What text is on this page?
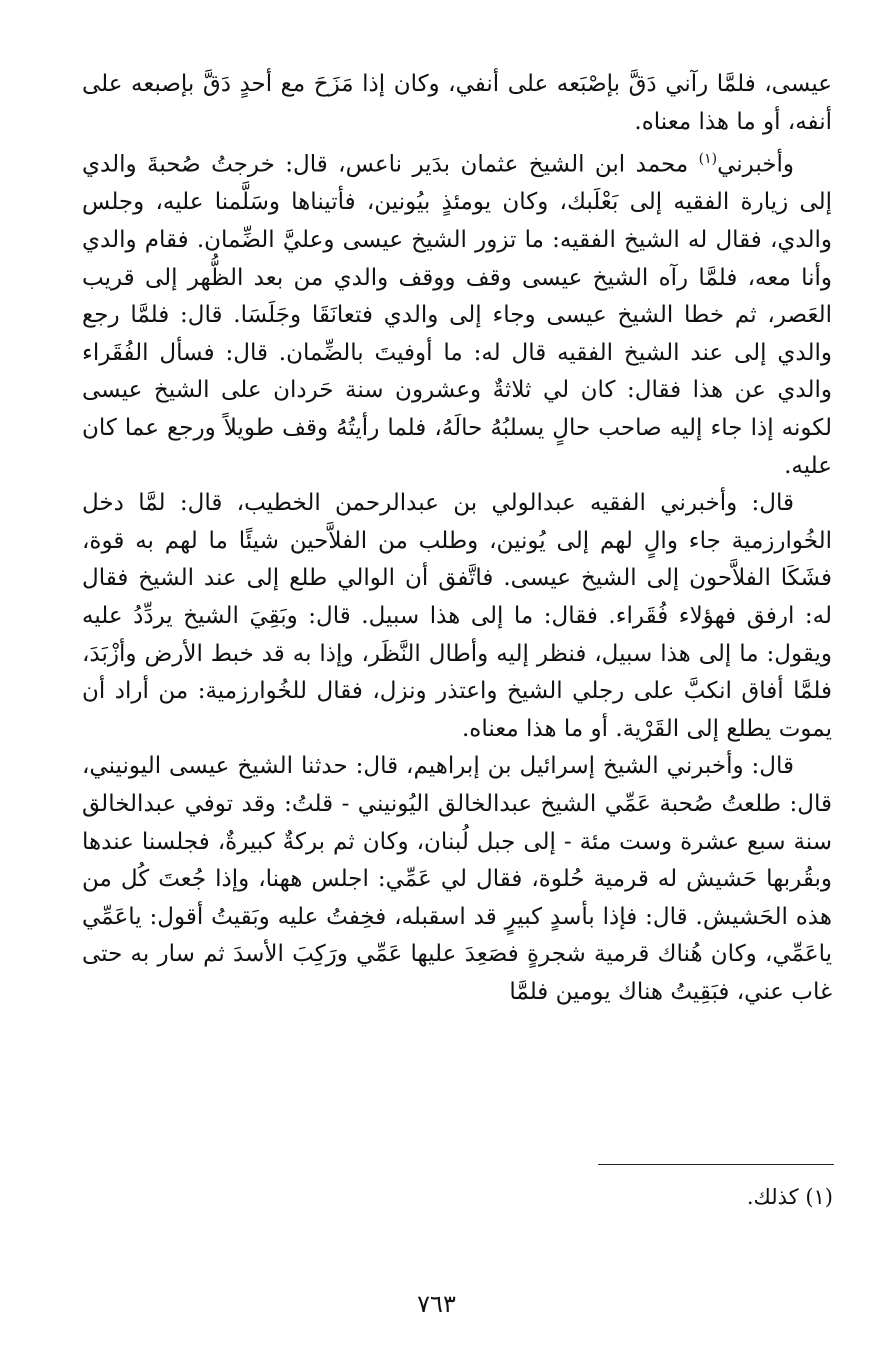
عيسى، فلمَّا رآني دَقَّ بإصْبَعه على أنفي، وكان إذا مَزَحَ مع أحدٍ دَقَّ بإصبعه على أنفه، أو ما هذا معناه.

وأخبرني$^{(١)}$ محمد ابن الشيخ عثمان بدَير ناعس، قال: خرجتُ صُحبةَ والدي إلى زيارة الفقيه إلى بَعْلَبك، وكان يومئذٍ بيُونين، فأتيناها وسَلَّمنا عليه، وجلس والدي، فقال له الشيخ الفقيه: ما تزور الشيخ عيسى وعليَّ الضِّمان. فقام والدي وأنا معه، فلمَّا رآه الشيخ عيسى وقف ووقف والدي من بعد الظُّهر إلى قريب العَصر، ثم خطا الشيخ عيسى وجاء إلى والدي فتعانَقَا وجَلَسَا. قال: فلمَّا رجع والدي إلى عند الشيخ الفقيه قال له: ما أوفيتَ بالضِّمان. قال: فسأل الفُقَراء والدي عن هذا فقال: كان لي ثلاثةٌ وعشرون سنة حَردان على الشيخ عيسى لكونه إذا جاء إليه صاحب حالٍ يسلبُهُ حالَهُ، فلما رأيتُهُ وقف طويلاً ورجع عما كان عليه.

قال: وأخبرني الفقيه عبدالولي بن عبدالرحمن الخطيب، قال: لمَّا دخل الخُوارزمية جاء والٍ لهم إلى يُونين، وطلب من الفلاَّحين شيئًا ما لهم به قوة، فشَكَا الفلاَّحون إلى الشيخ عيسى. فاتَّفق أن الوالي طلع إلى عند الشيخ فقال له: ارفق فهؤلاء فُقَراء. فقال: ما إلى هذا سبيل. قال: وبَقِيَ الشيخ يردِّدُ عليه ويقول: ما إلى هذا سبيل، فنظر إليه وأطال النَّظَر، وإذا به قد خبط الأرض وأزْبَدَ، فلمَّا أفاق انكبَّ على رجلي الشيخ واعتذر ونزل، فقال للخُوارزمية: من أراد أن يموت يطلع إلى القَرْية. أو ما هذا معناه.

قال: وأخبرني الشيخ إسرائيل بن إبراهيم، قال: حدثنا الشيخ عيسى اليونيني، قال: طلعتُ صُحبة عَمِّي الشيخ عبدالخالق اليُونيني - قلتُ: وقد توفي عبدالخالق سنة سبع عشرة وست مئة - إلى جبل لُبنان، وكان ثم بركةٌ كبيرةٌ، فجلسنا عندها وبقُربها حَشيش له قرمية حُلوة، فقال لي عَمِّي: اجلس ههنا، وإذا جُعتَ كُل من هذه الحَشيش. قال: فإذا بأسدٍ كبيرٍ قد اسقبله، فخِفتُ عليه وبَقيتُ أقول: ياعَمِّي ياعَمِّي، وكان هُناك قرمية شجرةٍ فصَعِدَ عليها عَمِّي ورَكِبَ الأسدَ ثم سار به حتى غاب عني، فبَقِيتُ هناك يومين فلمَّا

(١) كذلك.
٧٦٣
